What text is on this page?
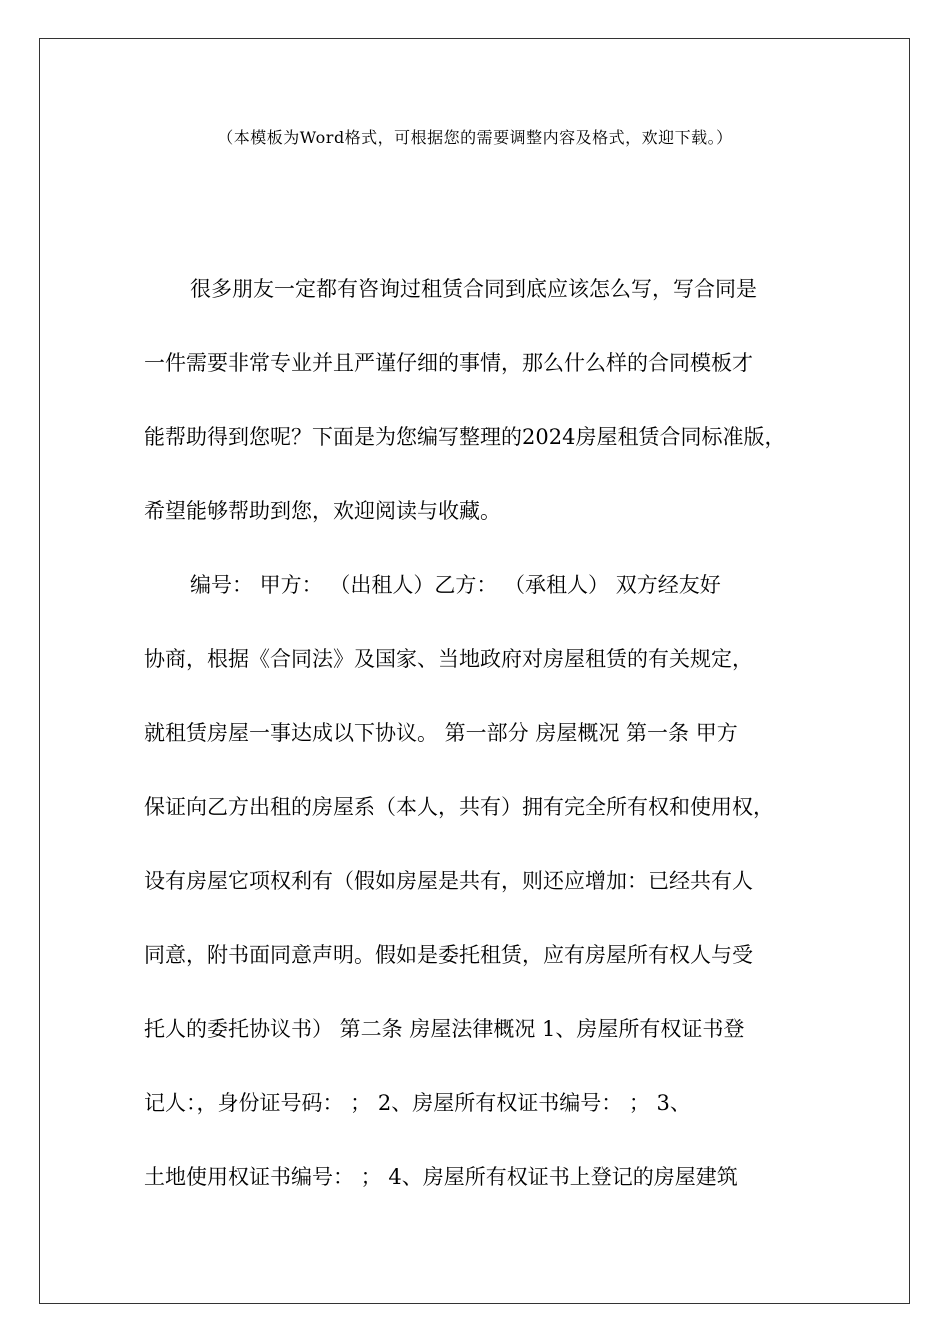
（本模板为Word格式，可根据您的需要调整内容及格式，欢迎下载。）
很多朋友一定都有咨询过租赁合同到底应该怎么写，写合同是
一件需要非常专业并且严谨仔细的事情，那么什么样的合同模板才
能帮助得到您呢？下面是为您编写整理的2024房屋租赁合同标准版，
希望能够帮助到您，欢迎阅读与收藏。
编号： 甲方： （出租人）乙方： （承租人） 双方经友好
协商，根据《合同法》及国家、当地政府对房屋租赁的有关规定，
就租赁房屋一事达成以下协议。 第一部分 房屋概况 第一条 甲方
保证向乙方出租的房屋系（本人，共有）拥有完全所有权和使用权，
设有房屋它项权利有（假如房屋是共有，则还应增加：已经共有人
同意，附书面同意声明。假如是委托租赁，应有房屋所有权人与受
托人的委托协议书） 第二条 房屋法律概况 1、房屋所有权证书登
记人：，身份证号码： ； 2、房屋所有权证书编号： ； 3、
土地使用权证书编号： ； 4、房屋所有权证书上登记的房屋建筑
